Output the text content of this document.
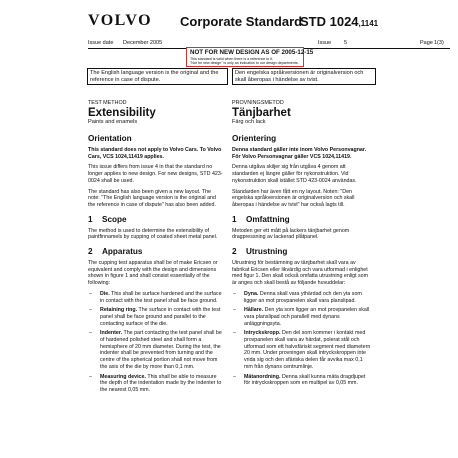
VOLVO Corporate Standard
STD 1024,1141
Issue date December 2005	Issue 5	Page 1(3)
NOT FOR NEW DESIGN AS OF 2005-12-15
This standard is valid when there is a reference to it.
"Not for new design" is only an indication to our design departments.
The English language version is the original and the reference in case of dispute.
Den engelska språkversionen är originalversion och skall åberopas i händelse av tvist.

TEST METHOD

Extensibility

Paints and enamels

Orientation

This standard does not apply to Volvo Cars. To Volvo Cars, VCS 1024,11419 applies.

This issue differs from issue 4 in that the standard no longer applies to new design. For new designs, STD 423-0024 shall be used.

The standard has also been given a new layout. The note: "The English language version is the original and the reference in case of dispute" has also been added.

1 Scope

The method is used to determine the extensibility of paintfinnamels by cupping of coated sheet metal panel.

2 Apparatus

The cupping test apparatus shall be of make Ericsen or equivalent and comply with the design and dimensions shown in figure 1 and shall consist essentially of the following:

– Die. This shall be surface hardened and the surface in contact with the test panel shall be face ground.
– Retaining ring. The surface in contact with the test panel shall be face ground and parallel to the contacting surface of the die.
– Indenter. The part contacting the test panel shall be of hardened polished steel and shall form a hemisphere of 20 mm diameter. During the test, the indenter shall be prevented from turning and the centre of the spherical portion shall not move from the axis of the die by more than 0,1 mm.
– Measuring device. This shall be able to measure the depth of the indentation made by the indenter to the nearest 0,05 mm.

PROVNINGSMETOD

Tänjbarhet

Färg och lack

Orientering

Denna standard gäller inte inom Volvo Personvagnar. För Volvo Personvagnar gäller VCS 1024,11419.

Denna utgåva skiljer sig från utgåva 4 genom att standarden ej längre gäller för nykonstruktion. Vid nykonstruktion skall istället STD 423-0024 användas.

Standarden har även fått en ny layout. Noten: "Den engelska språkversionen är originalversion och skall åberopas i händelse av tvist" har också lagts till.

1 Omfattning

Metoden ger ett mått på lackers tänjbarhet genom dragpressning av lackerad plåtpanel.

2 Utrustning

Utrustning för bestämning av tänjbarhet skall vara av fabrikat Ericsen eller likvärdig och vara utformad i enlighet med figur 1. Den skall också omfatta utrustning enligt som är anges och skall bestå av följande huvuddelar:

– Dyna. Denna skall vara ythärdad och den yta som ligger an mot provpanelen skall vara planslipad.
– Hållare. Den yta som ligger an mot provpanelen skall vara planslipad och parallell med dynans anläggningsyta.
– Intryckskropp. Den del som kommer i kontakt med provpanelen skall vara av härdat, polerat stål och utformad som ett halvsfäriskt segment med diametern 20 mm. Under provningen skall intryckskroppen inte vrida sig och den sfäriska delen får avvika max 0,1 mm från dynans centrumlinje.
– Mätanordning. Denna skall kunna mäta dragdjupet för intryckskroppen som en multipel av 0,05 mm.
